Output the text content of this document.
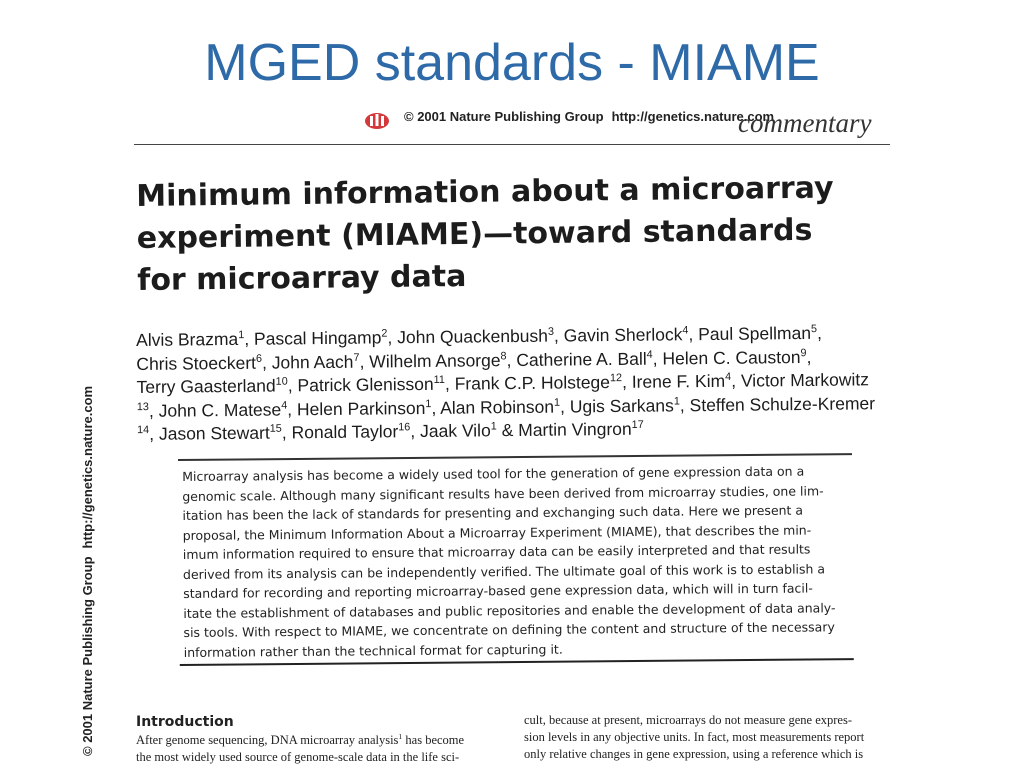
MGED standards - MIAME
© 2001 Nature Publishing Group http://genetics.nature.com
commentary
© 2001 Nature Publishing Grouphttp://genetics.nature.com
Minimum information about a microarray
experiment (MIAME)—toward standards
for microarray data
Alvis Brazma$^1$, Pascal Hingamp$^2$, John Quackenbush$^3$, Gavin Sherlock$^4$, Paul Spellman$^5$,
Chris Stoeckert$^6$, John Aach$^7$, Wilhelm Ansorge$^8$, Catherine A. Ball$^4$, Helen C. Causton$^9$,
Terry Gaasterland$^{10}$, Patrick Glenisson$^{11}$, Frank C.P. Holstege$^{12}$, Irene F. Kim$^4$, Victor Markowitz
$^{13}$, John C. Matese$^4$, Helen Parkinson$^1$, Alan Robinson$^1$, Ugis Sarkans$^1$, Steffen Schulze-Kremer
$^{14}$, Jason Stewart$^{15}$, Ronald Taylor$^{16}$, Jaak Vilo$^1$ & Martin Vingron$^{17}$
Microarray analysis has become a widely used tool for the generation of gene expression data on a
genomic scale. Although many significant results have been derived from microarray studies, one lim-
itation has been the lack of standards for presenting and exchanging such data. Here we present a
proposal, the Minimum Information About a Microarray Experiment (MIAME), that describes the min-
imum information required to ensure that microarray data can be easily interpreted and that results
derived from its analysis can be independently verified. The ultimate goal of this work is to establish a
standard for recording and reporting microarray-based gene expression data, which will in turn facil-
itate the establishment of databases and public repositories and enable the development of data analy-
sis tools. With respect to MIAME, we concentrate on defining the content and structure of the necessary
information rather than the technical format for capturing it.
Introduction
After genome sequencing, DNA microarray analysis$^1$ has become
the most widely used source of genome-scale data in the life sci-
cult, because at present, microarrays do not measure gene expres-
sion levels in any objective units. In fact, most measurements report
only relative changes in gene expression, using a reference which is
